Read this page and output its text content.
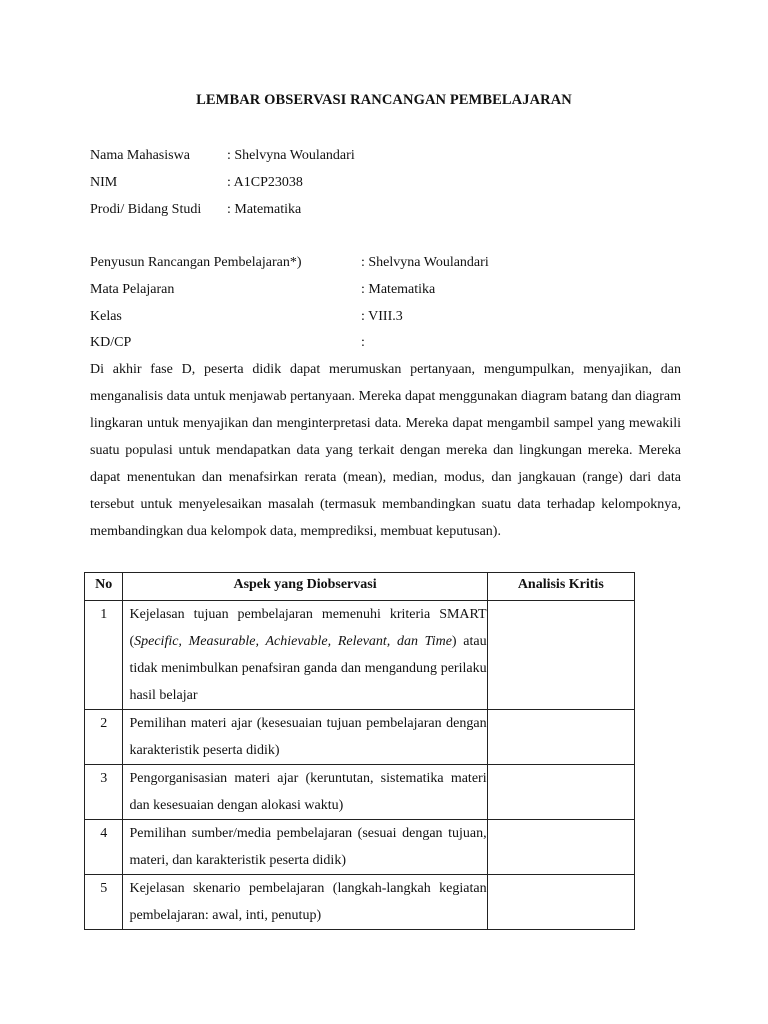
LEMBAR OBSERVASI RANCANGAN PEMBELAJARAN
Nama Mahasiswa	: Shelvyna Woulandari
NIM	: A1CP23038
Prodi/ Bidang Studi : Matematika
Penyusun Rancangan Pembelajaran*)	: Shelvyna Woulandari
Mata Pelajaran	: Matematika
Kelas	: VIII.3
KD/CP	:
Di akhir fase D, peserta didik dapat merumuskan pertanyaan, mengumpulkan, menyajikan, dan menganalisis data untuk menjawab pertanyaan. Mereka dapat menggunakan diagram batang dan diagram lingkaran untuk menyajikan dan menginterpretasi data. Mereka dapat mengambil sampel yang mewakili suatu populasi untuk mendapatkan data yang terkait dengan mereka dan lingkungan mereka. Mereka dapat menentukan dan menafsirkan rerata (mean), median, modus, dan jangkauan (range) dari data tersebut untuk menyelesaikan masalah (termasuk membandingkan suatu data terhadap kelompoknya, membandingkan dua kelompok data, memprediksi, membuat keputusan).
No	Aspek yang Diobservasi	Analisis Kritis
1	Kejelasan tujuan pembelajaran memenuhi kriteria SMART (Specific, Measurable, Achievable, Relevant, dan Time) atau tidak menimbulkan penafsiran ganda dan mengandung perilaku hasil belajar	
2	Pemilihan materi ajar (kesesuaian tujuan pembelajaran dengan karakteristik peserta didik)	
3	Pengorganisasian materi ajar (keruntutan, sistematika materi dan kesesuaian dengan alokasi waktu)	
4	Pemilihan sumber/media pembelajaran (sesuai dengan tujuan, materi, dan karakteristik peserta didik)	
5	Kejelasan skenario pembelajaran (langkah-langkah kegiatan pembelajaran: awal, inti, penutup)	
